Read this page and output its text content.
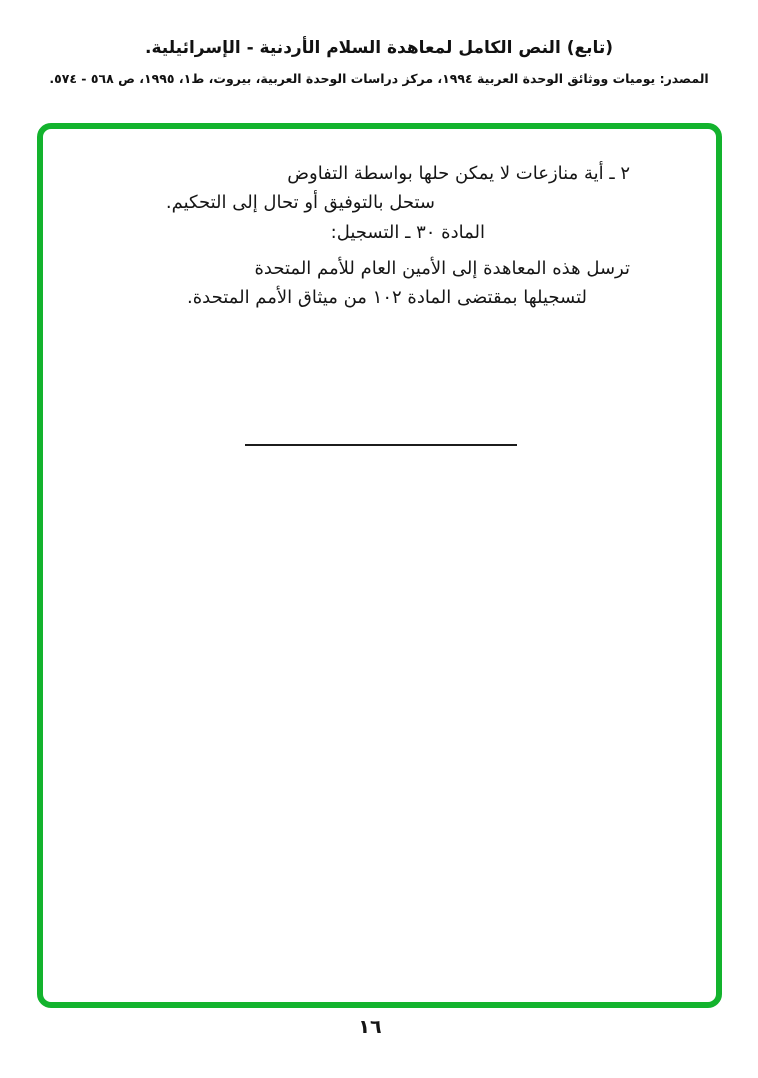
(تابع) النص الكامل لمعاهدة السلام الأردنية - الإسرائيلية.
المصدر: يوميات ووثائق الوحدة العربية ١٩٩٤، مركز دراسات الوحدة العربية، بيروت، ط١، ١٩٩٥، ص ٥٦٨ - ٥٧٤.
٢ ـ أية منازعات لا يمكن حلها بواسطة التفاوض
ستحل بالتوفيق أو تحال إلى التحكيم.
المادة ٣٠ ـ التسجيل:
ترسل هذه المعاهدة إلى الأمين العام للأمم المتحدة
لتسجيلها بمقتضى المادة ١٠٢ من ميثاق الأمم المتحدة.
١٦
